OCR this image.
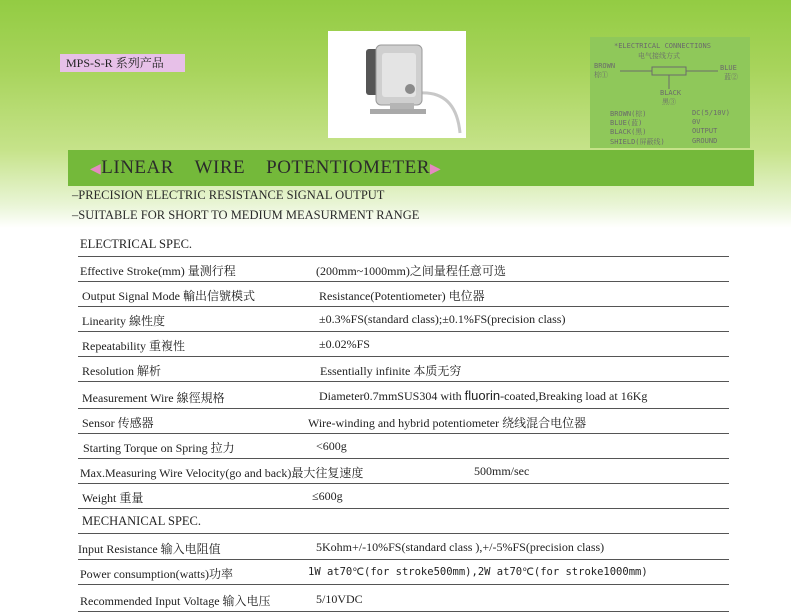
MPS-S-R 系列产品
*ELECTRICAL CONNECTIONS
电气接线方式
BROWN
棕①
BLUE
蓝②
BLACK
黑③
BROWN(棕)	DC(5/10V)
BLUE(蓝)	0V
BLACK(黑)	OUTPUT
SHIELD(屏蔽线)	GROUND
◀LINEAR    WIRE    POTENTIOMETER▶
–PRECISION ELECTRIC RESISTANCE SIGNAL OUTPUT
–SUITABLE FOR SHORT TO MEDIUM MEASURMENT RANGE
ELECTRICAL SPEC.
Effective Stroke(mm) 量测行程	(200mm~1000mm)之间量程任意可选
Output Signal Mode 輸出信號模式	Resistance(Potentiometer) 电位器
Linearity 線性度	±0.3%FS(standard class);±0.1%FS(precision class)
Repeatability 重複性	±0.02%FS
Resolution 解析	Essentially infinite 本质无穷
Measurement Wire 線徑規格	Diameter0.7mmSUS304 with fluorin-coated,Breaking load at 16Kg
Sensor 传感器	Wire-winding and hybrid potentiometer 绕线混合电位器
Starting Torque on Spring 拉力	<600g
Max.Measuring Wire Velocity(go and back)最大往复速度	500mm/sec
Weight 重量	≤600g
MECHANICAL SPEC.
Input Resistance 输入电阻值	5Kohm+/-10%FS(standard class ),+/-5%FS(precision class)
Power consumption(watts)功率	1W at70℃(for stroke500mm),2W at70℃(for stroke1000mm)
Recommended Input Voltage 输入电压	5/10VDC
